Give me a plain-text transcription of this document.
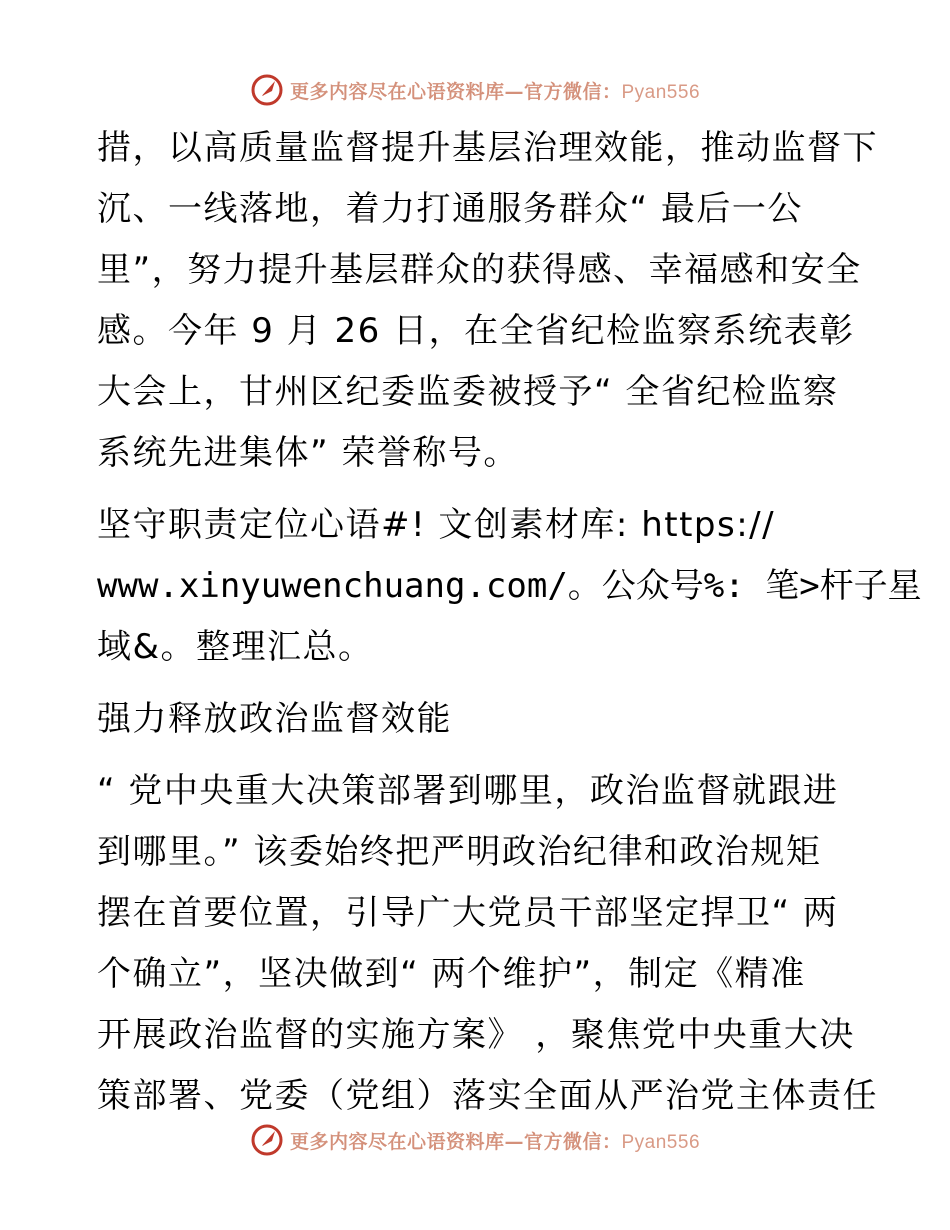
更多内容尽在心语资料库—官方微信：Pyan556

措，以高质量监督提升基层治理效能，推动监督下
沉、一线落地，着力打通服务群众“ 最后一公
里”，努力提升基层群众的获得感、幸福感和安全
感。今年 9 月 26 日，在全省纪检监察系统表彰
大会上，甘州区纪委监委被授予“ 全省纪检监察
系统先进集体” 荣誉称号。

坚守职责定位心语#! 文创素材库: https://
www.xinyuwenchuang.com/。公众号%: 笔>杆子星
域&。整理汇总。

强力释放政治监督效能

“ 党中央重大决策部署到哪里，政治监督就跟进
到哪里。” 该委始终把严明政治纪律和政治规矩
摆在首要位置，引导广大党员干部坚定捍卫“ 两
个确立”，坚决做到“ 两个维护”，制定《精准
开展政治监督的实施方案》 ，聚焦党中央重大决
策部署、党委（党组）落实全面从严治党主体责任

更多内容尽在心语资料库—官方微信：Pyan556
